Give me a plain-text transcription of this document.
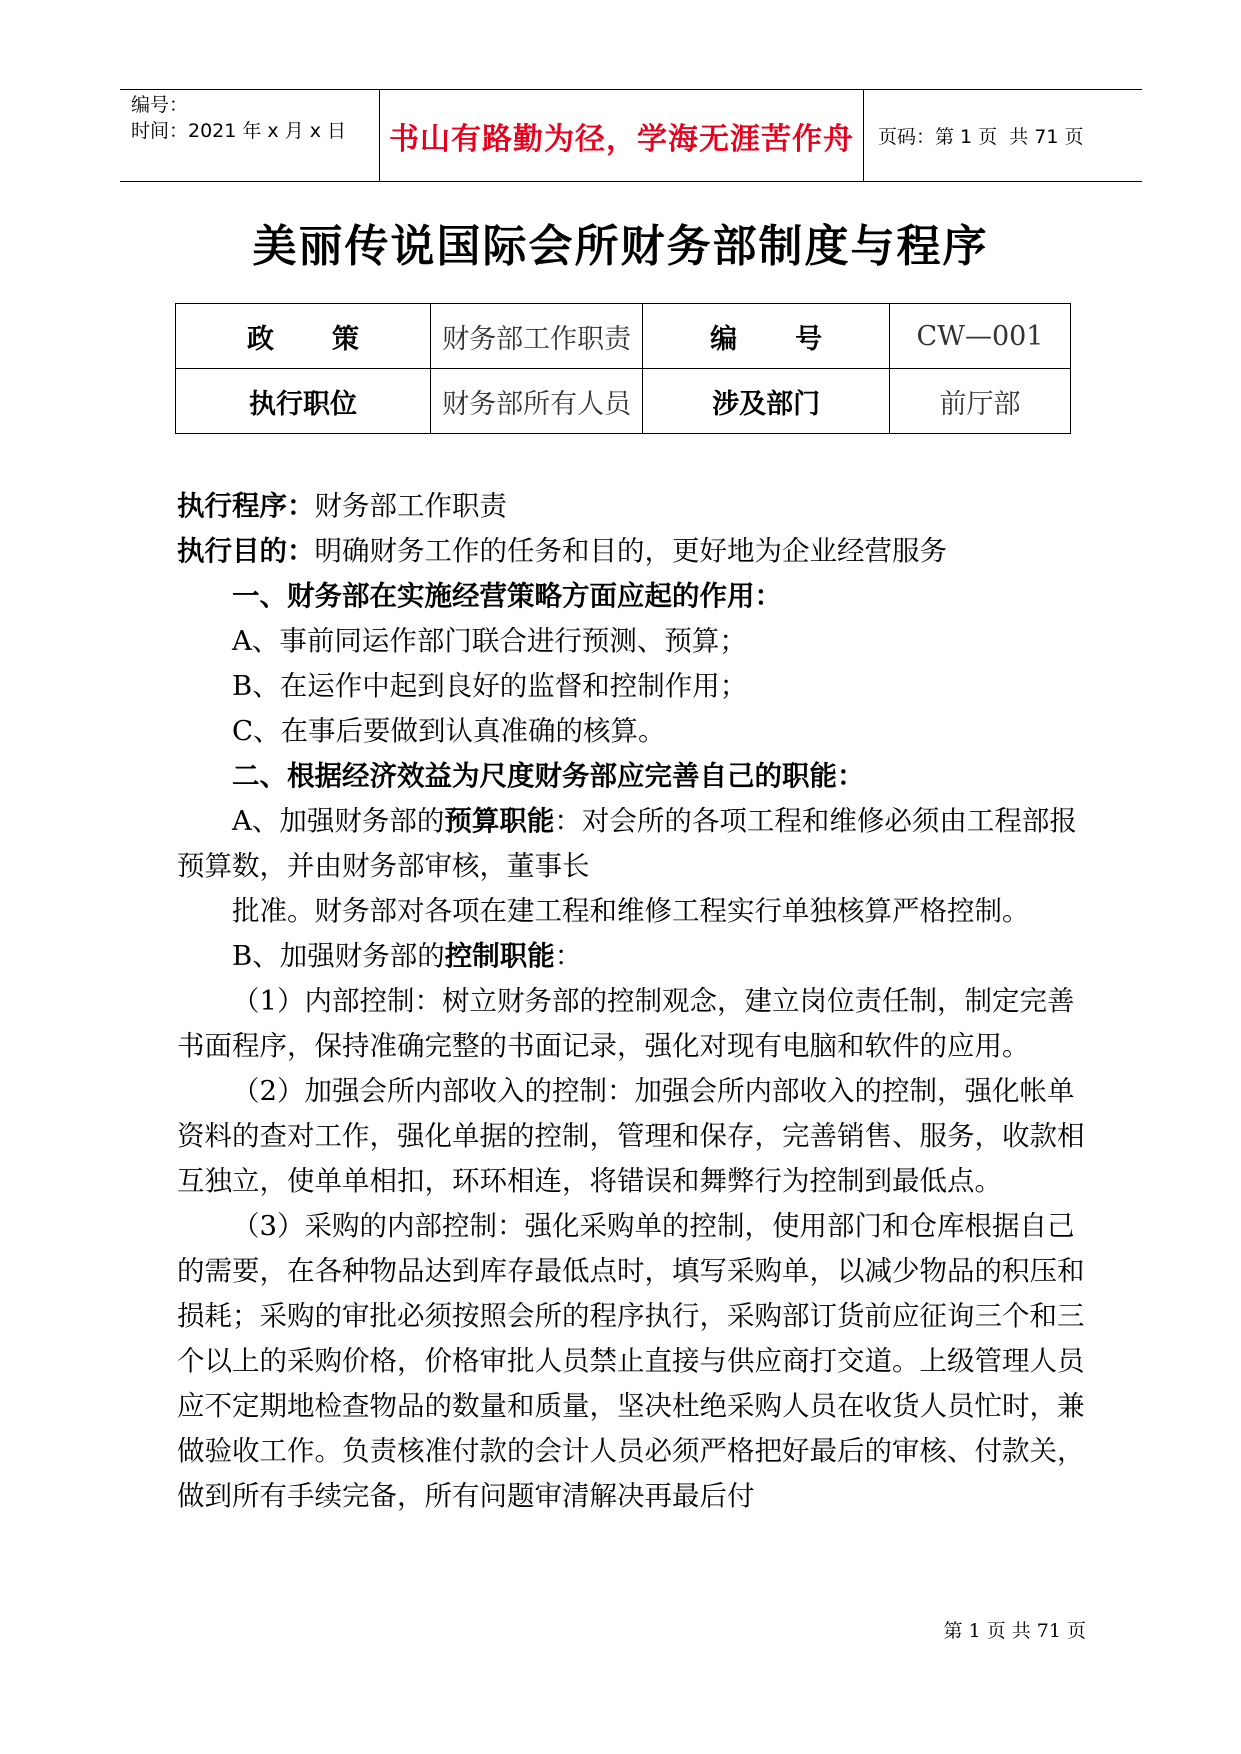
编号：
时间：2021 年 x 月 x 日	书山有路勤为径，学海无涯苦作舟	页码：第 1 页  共 71 页
美丽传说国际会所财务部制度与程序
政策	财务部工作职责	编号	CW—001
执行职位	财务部所有人员	涉及部门	前厅部

执行程序：财务部工作职责

执行目的：明确财务工作的任务和目的，更好地为企业经营服务

一、财务部在实施经营策略方面应起的作用：

A、事前同运作部门联合进行预测、预算；

B、在运作中起到良好的监督和控制作用；

C、在事后要做到认真准确的核算。

二、根据经济效益为尺度财务部应完善自己的职能：

A、加强财务部的预算职能：对会所的各项工程和维修必须由工程部报预算数，并由财务部审核，董事长

批准。财务部对各项在建工程和维修工程实行单独核算严格控制。

B、加强财务部的控制职能：

（1）内部控制：树立财务部的控制观念，建立岗位责任制，制定完善书面程序，保持准确完整的书面记录，强化对现有电脑和软件的应用。

（2）加强会所内部收入的控制：加强会所内部收入的控制，强化帐单资料的查对工作，强化单据的控制，管理和保存，完善销售、服务，收款相互独立，使单单相扣，环环相连，将错误和舞弊行为控制到最低点。

（3）采购的内部控制：强化采购单的控制，使用部门和仓库根据自己的需要，在各种物品达到库存最低点时，填写采购单，以减少物品的积压和损耗；采购的审批必须按照会所的程序执行，采购部订货前应征询三个和三个以上的采购价格，价格审批人员禁止直接与供应商打交道。上级管理人员应不定期地检查物品的数量和质量，坚决杜绝采购人员在收货人员忙时，兼做验收工作。负责核准付款的会计人员必须严格把好最后的审核、付款关，做到所有手续完备，所有问题审清解决再最后付

第 1 页 共 71 页
